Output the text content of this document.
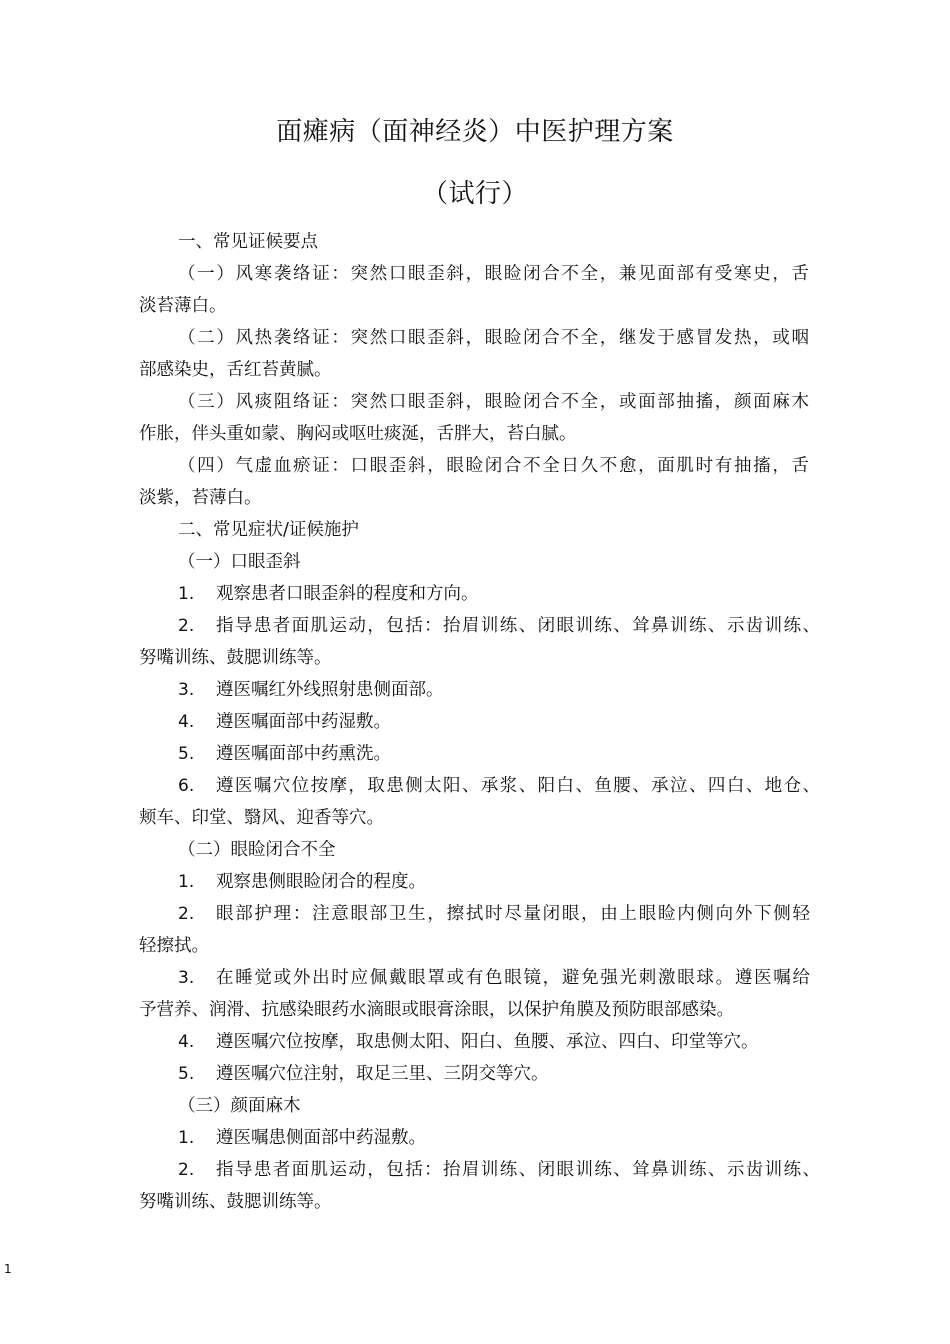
面瘫病（面神经炎）中医护理方案
（试行）
一、常见证候要点
（一）风寒袭络证：突然口眼歪斜，眼睑闭合不全，兼见面部有受寒史，舌
淡苔薄白。
（二）风热袭络证：突然口眼歪斜，眼睑闭合不全，继发于感冒发热，或咽
部感染史，舌红苔黄腻。
（三）风痰阻络证：突然口眼歪斜，眼睑闭合不全，或面部抽搐，颜面麻木
作胀，伴头重如蒙、胸闷或呕吐痰涎，舌胖大，苔白腻。
（四）气虚血瘀证：口眼歪斜，眼睑闭合不全日久不愈，面肌时有抽搐，舌
淡紫，苔薄白。
二、常见症状/证候施护
（一）口眼歪斜
1. 观察患者口眼歪斜的程度和方向。
2. 指导患者面肌运动，包括：抬眉训练、闭眼训练、耸鼻训练、示齿训练、
努嘴训练、鼓腮训练等。
3. 遵医嘱红外线照射患侧面部。
4. 遵医嘱面部中药湿敷。
5. 遵医嘱面部中药熏洗。
6. 遵医嘱穴位按摩，取患侧太阳、承浆、阳白、鱼腰、承泣、四白、地仓、
颊车、印堂、翳风、迎香等穴。
（二）眼睑闭合不全
1. 观察患侧眼睑闭合的程度。
2. 眼部护理：注意眼部卫生，擦拭时尽量闭眼，由上眼睑内侧向外下侧轻
轻擦拭。
3. 在睡觉或外出时应佩戴眼罩或有色眼镜，避免强光刺激眼球。遵医嘱给
予营养、润滑、抗感染眼药水滴眼或眼膏涂眼，以保护角膜及预防眼部感染。
4. 遵医嘱穴位按摩，取患侧太阳、阳白、鱼腰、承泣、四白、印堂等穴。
5. 遵医嘱穴位注射，取足三里、三阴交等穴。
（三）颜面麻木
1. 遵医嘱患侧面部中药湿敷。
2. 指导患者面肌运动，包括：抬眉训练、闭眼训练、耸鼻训练、示齿训练、
努嘴训练、鼓腮训练等。
1
